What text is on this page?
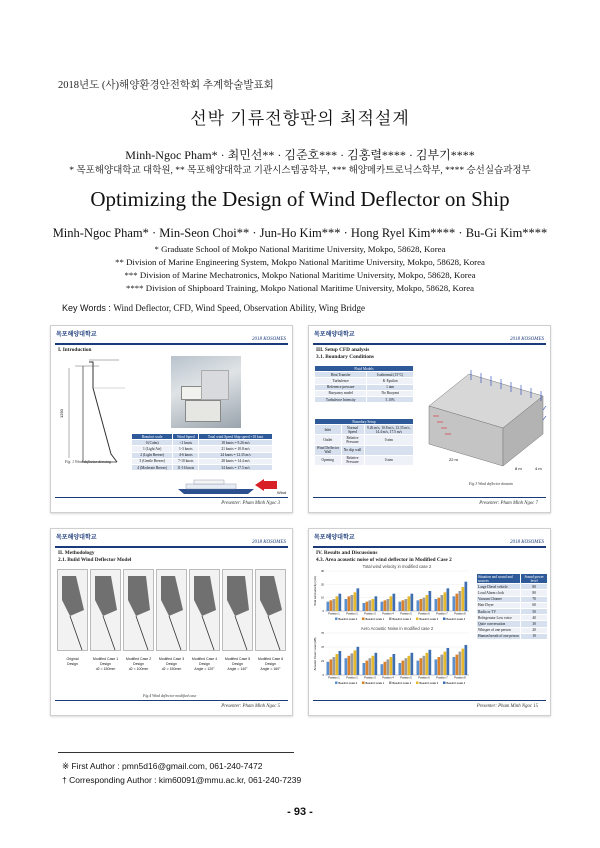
2018년도 (사)해양환경안전학회 추계학술발표회
선박 기류전향판의 최적설계
Minh-Ngoc Pham* · 최민선** · 김준호*** · 김홍렬**** · 김부기****
* 목포해양대학교 대학원, ** 목포해양대학교 기관시스템공학부, *** 해양메카트로닉스학부, **** 승선실습과정부
Optimizing the Design of Wind Deflector on Ship
Minh-Ngoc Pham* · Min-Seon Choi** · Jun-Ho Kim*** · Hong Ryel Kim**** · Bu-Gi Kim****
* Graduate School of Mokpo National Maritime University, Mokpo, 58628, Korea
** Division of Marine Engineering System, Mokpo National Maritime University, Mokpo, 58628, Korea
*** Division of Marine Mechatronics, Mokpo National Maritime University, Mokpo, 58628, Korea
**** Division of Shipboard Training, Mokpo National Maritime University, Mokpo, 58628, Korea
Key Words : Wind Deflector, CFD, Wind Speed, Observation Ability, Wing Bridge
목포해양대학교
2018 KOSOMES
I. Introduction
1250
Beaufort scale	Wind Speed	Total wind Speed Ship speed +18 knot
0 (Calm)	<1 knots	18 knots = 9.26 m/s
1 (Light Air)	1-3 knots	21 knots = 10.8 m/s
2 (Light Breeze)	4-6 knots	24 knots = 12.35 m/s
3 (Gentle Breeze)	7-10 knots	28 knots = 14.4 m/s
4 (Moderate Breeze)	11-16 knots	34 knots = 17.5 m/s
Fig. 1 Wind deflector drawing
Wind
Presenter: Pham Minh Ngoc 3
목포해양대학교
2018 KOSOMES
III. Setup CFD analysis
3.1. Boundary Conditions
Fluid Models	
Heat Transfer	Isothermal (15°C)
Turbulence	K-Epsilon
Reference pressure	1 atm
Buoyancy model	No Buoyant
Turbulence Intensity	5.10%
Boundary Setup		
Inlet	Normal Speed	9.26 m/s, 10.8 m/s, 12.35 m/s, 14.4 m/s, 17.5 m/s
Outlet	Relative Pressure	0 atm
Wind Deflector Wall	No slip wall	
Opening	Relative Pressure	0 atm	22 m
8 m	4 m
Fig.3 Wind deflector domain
Presenter: Pham Minh Ngoc 7
목포해양대학교
2018 KOSOMES
II. Methodology
2.1. Build Wind Deflector Model
Original
Design
Modified Case 1
Design
d2 = 150mm
Modified Case 2
Design
d2 = 100mm
Modified Case 3
Design
d2 = 150mm
Modified Case 4
Design
Angle = 120°
Modified Case 5
Design
Angle = 140°
Modified Case 6
Design
Angle = 160°
Fig.4 Wind deflector modified case
Presenter: Pham Minh Ngoc 5
목포해양대학교
2018 KOSOMES
IV. Results and Discussions
4.3. Area acoustic noise of wind deflector in Modified Case 2
Total wind velocity in modified case 2
Total wind velocity (m/s)
0
10
20
30
Position 1	Position 2	Position 3	Position 4	Position 5	Position 6	Position 7	Position 8
Beaufort scale 0	Beaufort scale 1	Beaufort scale 2	Beaufort scale 3	Beaufort scale 4
Aero Acoustic Noise in modified case 2
Acoustic Power Level (dB)
0
23
47
70
Position 1	Position 2	Position 3	Position 4	Position 5	Position 6	Position 7	Position 8
Beaufort scale 0	Beaufort scale 1	Beaufort scale 2	Beaufort scale 3	Beaufort scale 4
Situation and sound and sources	Sound power level
Large Diesel vehicle	80
Loud Alarm clock	80
Vacuum Cleaner	70
Hair Dryer	60
Radio or TV	50
Refrigerator Low voice	40
Quite conversation	30
Whisper of one person	20
Human breath of one person	10
Presenter: Pham Minh Ngoc 15
※ First Author : pmn5d16@gmail.com, 061-240-7472
† Corresponding Author : kim60091@mmu.ac.kr, 061-240-7239
- 93 -
